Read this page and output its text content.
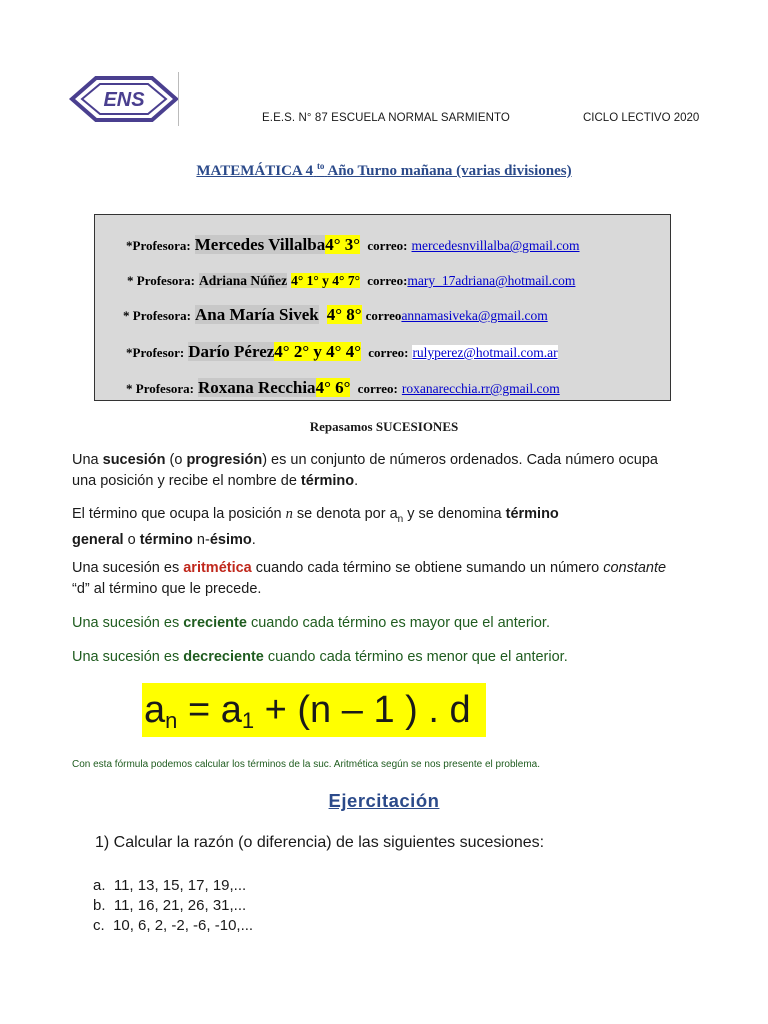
ENS
E.E.S. N° 87 ESCUELA NORMAL SARMIENTO	CICLO LECTIVO 2020
MATEMÁTICA 4 $^{to}$ Año Turno mañana (varias divisiones)
*Profesora: Mercedes Villalba4° 3° correo: mercedesnvillalba@gmail.com
* Profesora: Adriana Núñez 4° 1° y 4° 7° correo:mary_17adriana@hotmail.com
* Profesora: Ana María Sivek 4° 8° correoannamasiveka@gmail.com
*Profesor: Darío Pérez4° 2° y 4° 4° correo: rulyperez@hotmail.com.ar
* Profesora: Roxana Recchia4° 6° correo: roxanarecchia.rr@gmail.com
Repasamos SUCESIONES
Una sucesión (o progresión) es un conjunto de números ordenados. Cada número ocupa
una posición y recibe el nombre de término.
El término que ocupa la posición n se denota por $a_n$ y se denomina término
general o término n-ésimo.
Una sucesión es aritmética cuando cada término se obtiene sumando un número constante
“d” al término que le precede.
Una sucesión es creciente cuando cada término es mayor que el anterior.
Una sucesión es decreciente cuando cada término es menor que el anterior.
$a_n = a_1 + (n - 1$ ) . d
Con esta fórmula podemos calcular los términos de la suc. Aritmética según se nos presente el problema.
Ejercitación
1) Calcular la razón (o diferencia) de las siguientes sucesiones:
a. 11, 13, 15, 17, 19,...
b. 11, 16, 21, 26, 31,...
c. 10, 6, 2, -2, -6, -10,...
